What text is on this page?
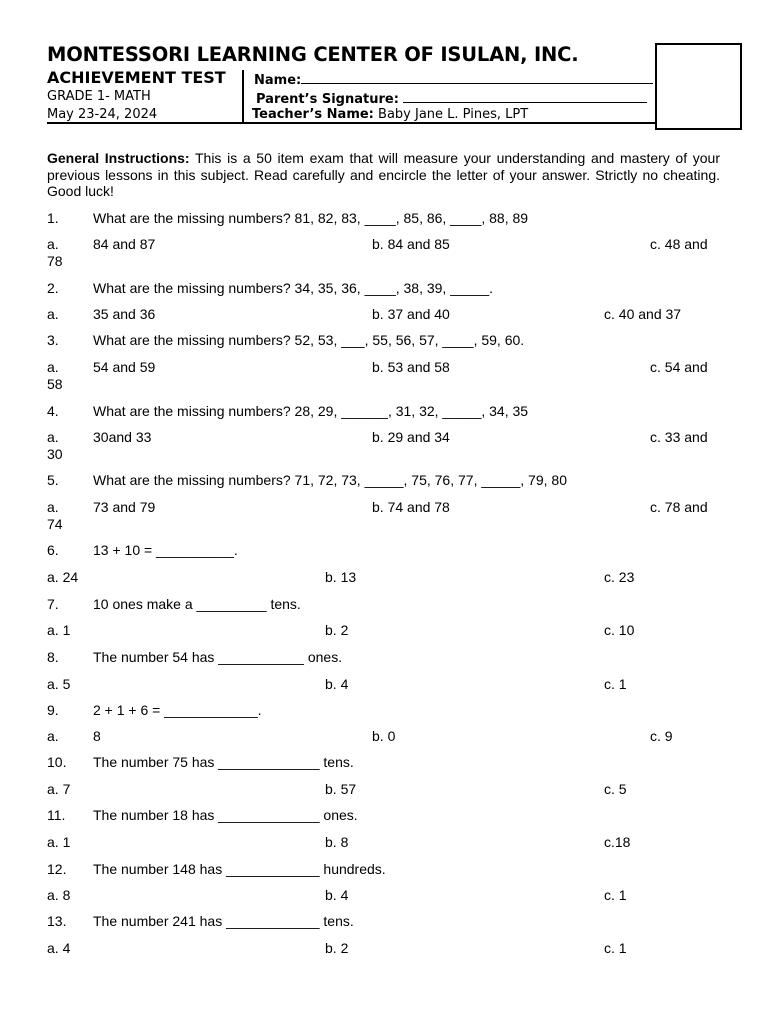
MONTESSORI LEARNING CENTER OF ISULAN, INC.
ACHIEVEMENT TEST
GRADE 1- MATH
May 23-24, 2024
Name:
Parent’s Signature:
Teacher’s Name: Baby Jane L. Pines, LPT
General Instructions: This is a 50 item exam that will measure your understanding and mastery of your previous lessons in this subject. Read carefully and encircle the letter of your answer. Strictly no cheating. Good luck!
1. What are the missing numbers? 81, 82, 83, ____, 85, 86, ____, 88, 89
a. 84 and 87	b. 84 and 85	c. 48 and
78
2. What are the missing numbers? 34, 35, 36, ____, 38, 39, _____.
a. 35 and 36	b. 37 and 40	c. 40 and 37
3. What are the missing numbers? 52, 53, ___, 55, 56, 57, ____, 59, 60.
a. 54 and 59	b. 53 and 58	c. 54 and
58
4. What are the missing numbers? 28, 29, ______, 31, 32, _____, 34, 35
a. 30and 33	b. 29 and 34	c. 33 and
30
5. What are the missing numbers? 71, 72, 73, _____, 75, 76, 77, _____, 79, 80
a. 73 and 79	b. 74 and 78	c. 78 and
74
6. 13 + 10 = __________.
a. 24	b. 13	c. 23
7. 10 ones make a _________ tens.
a. 1	b. 2	c. 10
8. The number 54 has ___________ ones.
a. 5	b. 4	c. 1
9. 2 + 1 + 6 = ____________.
a. 8	b. 0	c. 9
10. The number 75 has _____________ tens.
a. 7	b. 57	c. 5
11. The number 18 has _____________ ones.
a. 1	b. 8	c.18
12. The number 148 has ____________ hundreds.
a. 8	b. 4	c. 1
13. The number 241 has ____________ tens.
a. 4	b. 2	c. 1
